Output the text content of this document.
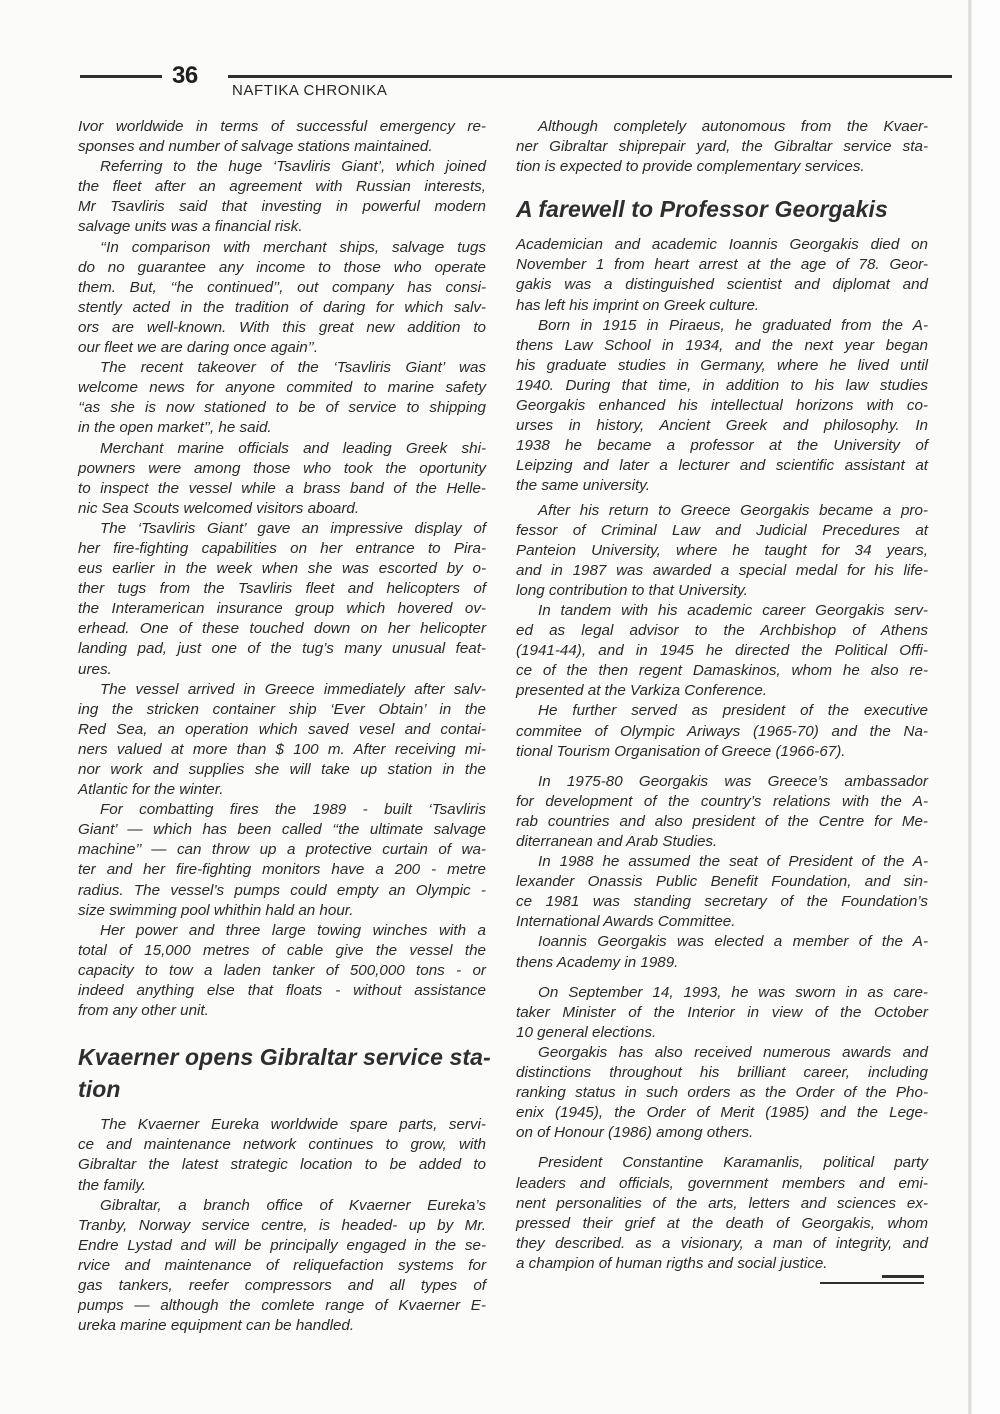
36
NAFTIKA CHRONIKA
Ivor worldwide in terms of successful emergency re-
sponses and number of salvage stations maintained.
Referring to the huge ‘Tsavliris Giant’, which joined
the fleet after an agreement with Russian interests,
Mr Tsavliris said that investing in powerful modern
salvage units was a financial risk.
‘‘In comparison with merchant ships, salvage tugs
do no guarantee any income to those who operate
them. But, ‘‘he continued’’, out company has consi-
stently acted in the tradition of daring for which salv-
ors are well-known. With this great new addition to
our fleet we are daring once again’’.
The recent takeover of the ‘Tsavliris Giant’ was
welcome news for anyone commited to marine safety
‘‘as she is now stationed to be of service to shipping
in the open market’’, he said.
Merchant marine officials and leading Greek shi-
powners were among those who took the oportunity
to inspect the vessel while a brass band of the Helle-
nic Sea Scouts welcomed visitors aboard.
The ‘Tsavliris Giant’ gave an impressive display of
her fire-fighting capabilities on her entrance to Pira-
eus earlier in the week when she was escorted by o-
ther tugs from the Tsavliris fleet and helicopters of
the Interamerican insurance group which hovered ov-
erhead. One of these touched down on her helicopter
landing pad, just one of the tug’s many unusual feat-
ures.
The vessel arrived in Greece immediately after salv-
ing the stricken container ship ‘Ever Obtain’ in the
Red Sea, an operation which saved vesel and contai-
ners valued at more than $ 100 m. After receiving mi-
nor work and supplies she will take up station in the
Atlantic for the winter.
For combatting fires the 1989 - built ‘Tsavliris
Giant’ — which has been called ‘‘the ultimate salvage
machine’’ — can throw up a protective curtain of wa-
ter and her fire-fighting monitors have a 200 - metre
radius. The vessel’s pumps could empty an Olympic -
size swimming pool whithin hald an hour.
Her power and three large towing winches with a
total of 15,000 metres of cable give the vessel the
capacity to tow a laden tanker of 500,000 tons - or
indeed anything else that floats - without assistance
from any other unit.
Kvaerner opens Gibraltar service sta-
tion
The Kvaerner Eureka worldwide spare parts, servi-
ce and maintenance network continues to grow, with
Gibraltar the latest strategic location to be added to
the family.
Gibraltar, a branch office of Kvaerner Eureka’s
Tranby, Norway service centre, is headed- up by Mr.
Endre Lystad and will be principally engaged in the se-
rvice and maintenance of reliquefaction systems for
gas tankers, reefer compressors and all types of
pumps — although the comlete range of Kvaerner E-
ureka marine equipment can be handled.
Although completely autonomous from the Kvaer-
ner Gibraltar shiprepair yard, the Gibraltar service sta-
tion is expected to provide complementary services.
A farewell to Professor Georgakis
Academician and academic Ioannis Georgakis died on
November 1 from heart arrest at the age of 78. Geor-
gakis was a distinguished scientist and diplomat and
has left his imprint on Greek culture.
Born in 1915 in Piraeus, he graduated from the A-
thens Law School in 1934, and the next year began
his graduate studies in Germany, where he lived until
1940. During that time, in addition to his law studies
Georgakis enhanced his intellectual horizons with co-
urses in history, Ancient Greek and philosophy. In
1938 he became a professor at the University of
Leipzing and later a lecturer and scientific assistant at
the same university.
After his return to Greece Georgakis became a pro-
fessor of Criminal Law and Judicial Precedures at
Panteion University, where he taught for 34 years,
and in 1987 was awarded a special medal for his life-
long contribution to that University.
In tandem with his academic career Georgakis serv-
ed as legal advisor to the Archbishop of Athens
(1941-44), and in 1945 he directed the Political Offi-
ce of the then regent Damaskinos, whom he also re-
presented at the Varkiza Conference.
He further served as president of the executive
commitee of Olympic Ariways (1965-70) and the Na-
tional Tourism Organisation of Greece (1966-67).
In 1975-80 Georgakis was Greece’s ambassador
for development of the country’s relations with the A-
rab countries and also president of the Centre for Me-
diterranean and Arab Studies.
In 1988 he assumed the seat of President of the A-
lexander Onassis Public Benefit Foundation, and sin-
ce 1981 was standing secretary of the Foundation’s
International Awards Committee.
Ioannis Georgakis was elected a member of the A-
thens Academy in 1989.
On September 14, 1993, he was sworn in as care-
taker Minister of the Interior in view of the October
10 general elections.
Georgakis has also received numerous awards and
distinctions throughout his brilliant career, including
ranking status in such orders as the Order of the Pho-
enix (1945), the Order of Merit (1985) and the Lege-
on of Honour (1986) among others.
President Constantine Karamanlis, political party
leaders and officials, government members and emi-
nent personalities of the arts, letters and sciences ex-
pressed their grief at the death of Georgakis, whom
they described. as a visionary, a man of integrity, and
a champion of human rigths and social justice.
